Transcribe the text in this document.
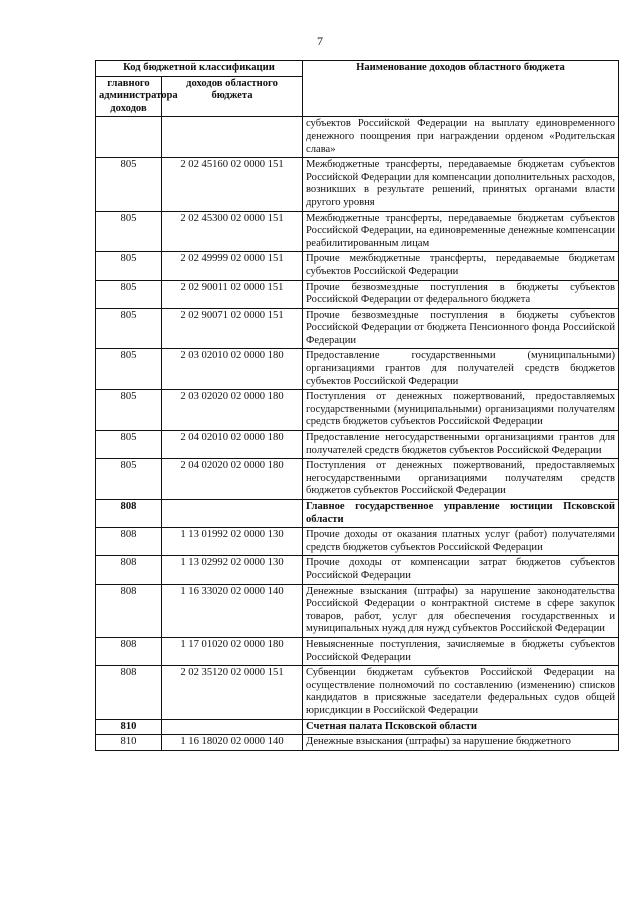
7
Код бюджетной классификации		Наименование доходов областного бюджета
главного администратора доходов	доходов областного бюджета	
		субъектов Российской Федерации на выплату единовременного денежного поощрения при награждении орденом «Родительская слава»
805	2 02 45160 02 0000 151	Межбюджетные трансферты, передаваемые бюджетам субъектов Российской Федерации для компенсации дополнительных расходов, возникших в результате решений, принятых органами власти другого уровня
805	2 02 45300 02 0000 151	Межбюджетные трансферты, передаваемые бюджетам субъектов Российской Федерации, на единовременные денежные компенсации реабилитированным лицам
805	2 02 49999 02 0000 151	Прочие межбюджетные трансферты, передаваемые бюджетам субъектов Российской Федерации
805	2 02 90011 02 0000 151	Прочие безвозмездные поступления в бюджеты субъектов Российской Федерации от федерального бюджета
805	2 02 90071 02 0000 151	Прочие безвозмездные поступления в бюджеты субъектов Российской Федерации от бюджета Пенсионного фонда Российской Федерации
805	2 03 02010 02 0000 180	Предоставление государственными (муниципальными) организациями грантов для получателей средств бюджетов субъектов Российской Федерации
805	2 03 02020 02 0000 180	Поступления от денежных пожертвований, предоставляемых государственными (муниципальными) организациями получателям средств бюджетов субъектов Российской Федерации
805	2 04 02010 02 0000 180	Предоставление негосударственными организациями грантов для получателей средств бюджетов субъектов Российской Федерации
805	2 04 02020 02 0000 180	Поступления от денежных пожертвований, предоставляемых негосударственными организациями получателям средств бюджетов субъектов Российской Федерации
808		Главное государственное управление юстиции Псковской области
808	1 13 01992 02 0000 130	Прочие доходы от оказания платных услуг (работ) получателями средств бюджетов субъектов Российской Федерации
808	1 13 02992 02 0000 130	Прочие доходы от компенсации затрат бюджетов субъектов Российской Федерации
808	1 16 33020 02 0000 140	Денежные взыскания (штрафы) за нарушение законодательства Российской Федерации о контрактной системе в сфере закупок товаров, работ, услуг для обеспечения государственных и муниципальных нужд для нужд субъектов Российской Федерации
808	1 17 01020 02 0000 180	Невыясненные поступления, зачисляемые в бюджеты субъектов Российской Федерации
808	2 02 35120 02 0000 151	Субвенции бюджетам субъектов Российской Федерации на осуществление полномочий по составлению (изменению) списков кандидатов в присяжные заседатели федеральных судов общей юрисдикции в Российской Федерации
810		Счетная палата Псковской области
810	1 16 18020 02 0000 140	Денежные взыскания (штрафы) за нарушение бюджетного
